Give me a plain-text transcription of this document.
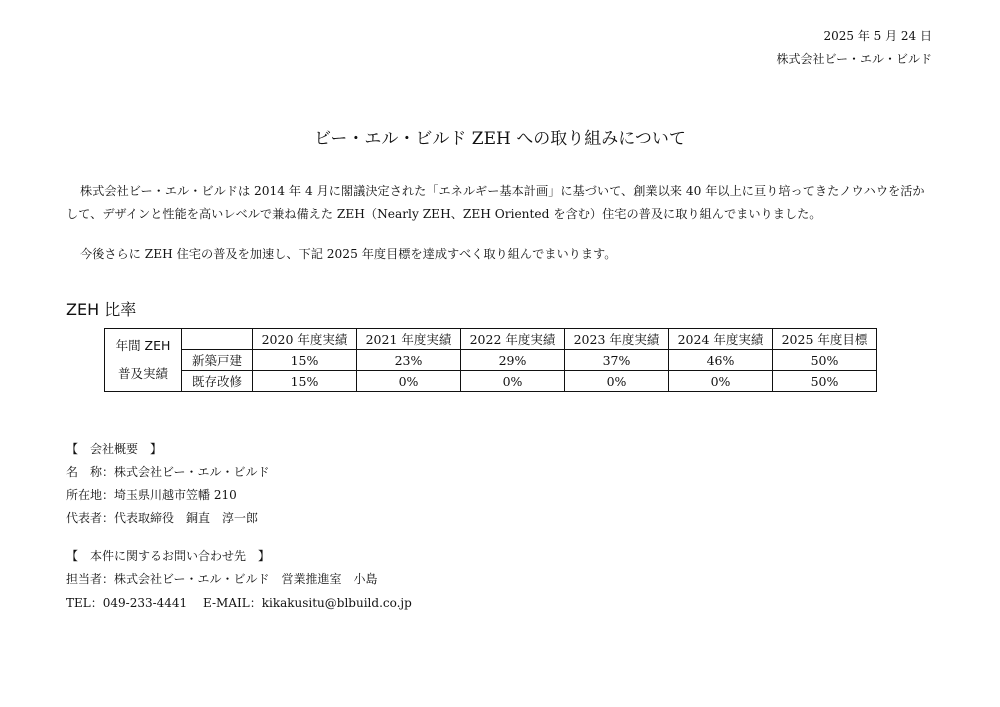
2025 年 5 月 24 日
株式会社ビー・エル・ビルド
ビー・エル・ビルド ZEH への取り組みについて
株式会社ビー・エル・ビルドは 2014 年 4 月に閣議決定された「エネルギー基本計画」に基づいて、創業以来 40 年以上に亘り培ってきたノウハウを活かして、デザインと性能を高いレベルで兼ね備えた ZEH（Nearly ZEH、ZEH Oriented を含む）住宅の普及に取り組んでまいりました。
今後さらに ZEH 住宅の普及を加速し、下記 2025 年度目標を達成すべく取り組んでまいります。
ZEH 比率
年間 ZEH
普及実績		2020 年度実績	2021 年度実績	2022 年度実績	2023 年度実績	2024 年度実績	2025 年度目標
	新築戸建	15%	23%	29%	37%	46%	50%
	既存改修	15%	0%	0%	0%	0%	50%
【　会社概要　】
名　称：株式会社ビー・エル・ビルド
所在地：埼玉県川越市笠幡 210
代表者：代表取締役　銅直　淳一郎
【　本件に関するお問い合わせ先　】
担当者：株式会社ビー・エル・ビルド　営業推進室　小島
TEL：049-233-4441　 E-MAIL：kikakusitu@blbuild.co.jp
